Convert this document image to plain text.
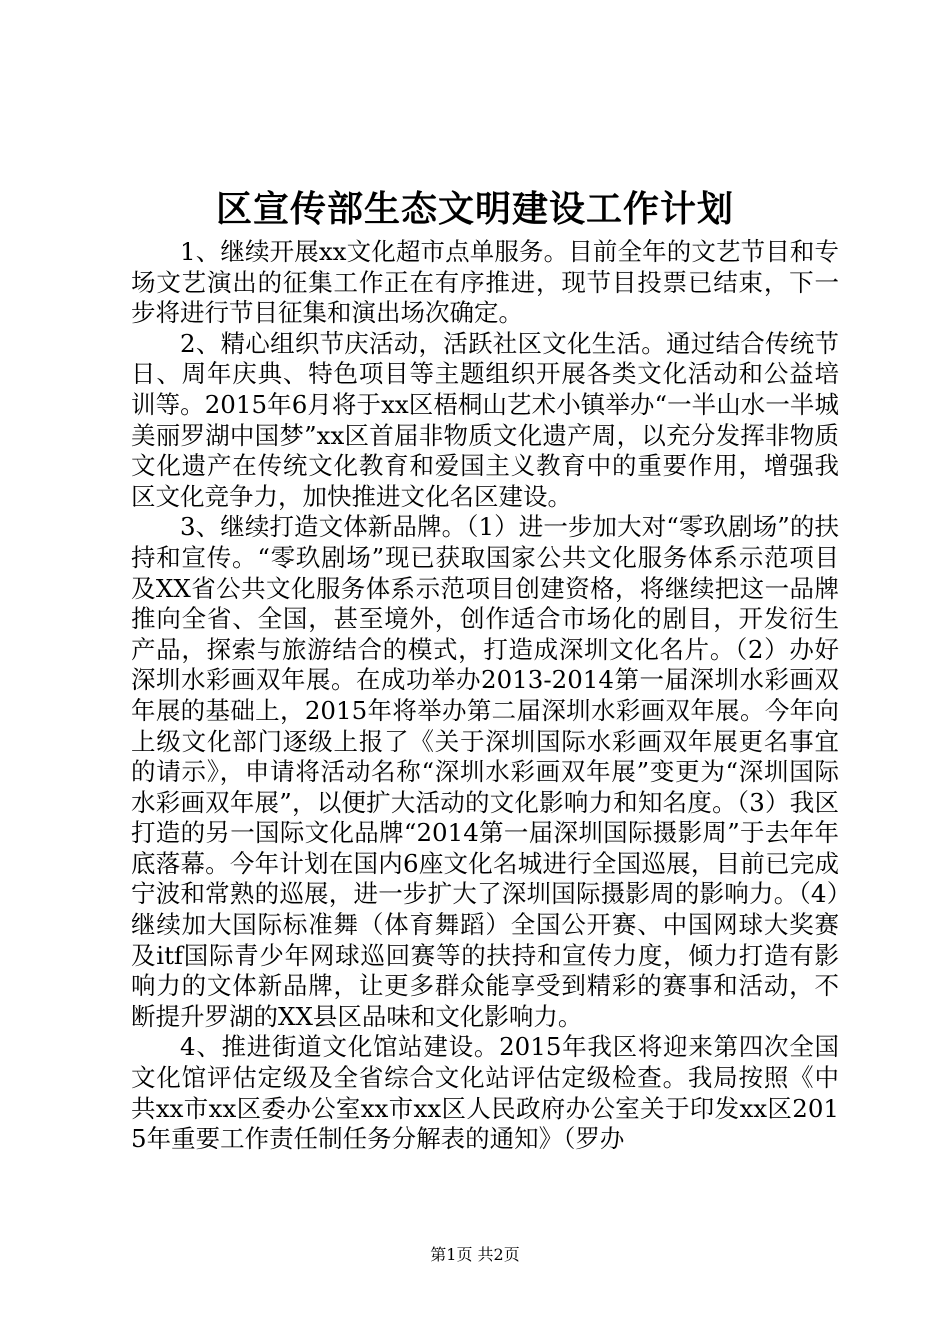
区宣传部生态文明建设工作计划

1、继续开展xx文化超市点单服务。目前全年的文艺节目和专场文艺演出的征集工作正在有序推进，现节目投票已结束，下一步将进行节目征集和演出场次确定。

2、精心组织节庆活动，活跃社区文化生活。通过结合传统节日、周年庆典、特色项目等主题组织开展各类文化活动和公益培训等。2015年6月将于xx区梧桐山艺术小镇举办“一半山水一半城美丽罗湖中国梦”xx区首届非物质文化遗产周，以充分发挥非物质文化遗产在传统文化教育和爱国主义教育中的重要作用，增强我区文化竞争力，加快推进文化名区建设。

3、继续打造文体新品牌。（1）进一步加大对“零玖剧场”的扶持和宣传。“零玖剧场”现已获取国家公共文化服务体系示范项目及XX省公共文化服务体系示范项目创建资格，将继续把这一品牌推向全省、全国，甚至境外，创作适合市场化的剧目，开发衍生产品，探索与旅游结合的模式，打造成深圳文化名片。（2）办好深圳水彩画双年展。在成功举办2013-2014第一届深圳水彩画双年展的基础上，2015年将举办第二届深圳水彩画双年展。今年向上级文化部门逐级上报了《关于深圳国际水彩画双年展更名事宜的请示》，申请将活动名称“深圳水彩画双年展”变更为“深圳国际水彩画双年展”，以便扩大活动的文化影响力和知名度。（3）我区打造的另一国际文化品牌“2014第一届深圳国际摄影周”于去年年底落幕。今年计划在国内6座文化名城进行全国巡展，目前已完成宁波和常熟的巡展，进一步扩大了深圳国际摄影周的影响力。（4）继续加大国际标准舞（体育舞蹈）全国公开赛、中国网球大奖赛及itf国际青少年网球巡回赛等的扶持和宣传力度，倾力打造有影响力的文体新品牌，让更多群众能享受到精彩的赛事和活动，不断提升罗湖的XX县区品味和文化影响力。

4、推进街道文化馆站建设。2015年我区将迎来第四次全国文化馆评估定级及全省综合文化站评估定级检查。我局按照《中共xx市xx区委办公室xx市xx区人民政府办公室关于印发xx区2015年重要工作责任制任务分解表的通知》（罗办

第1页 共2页
